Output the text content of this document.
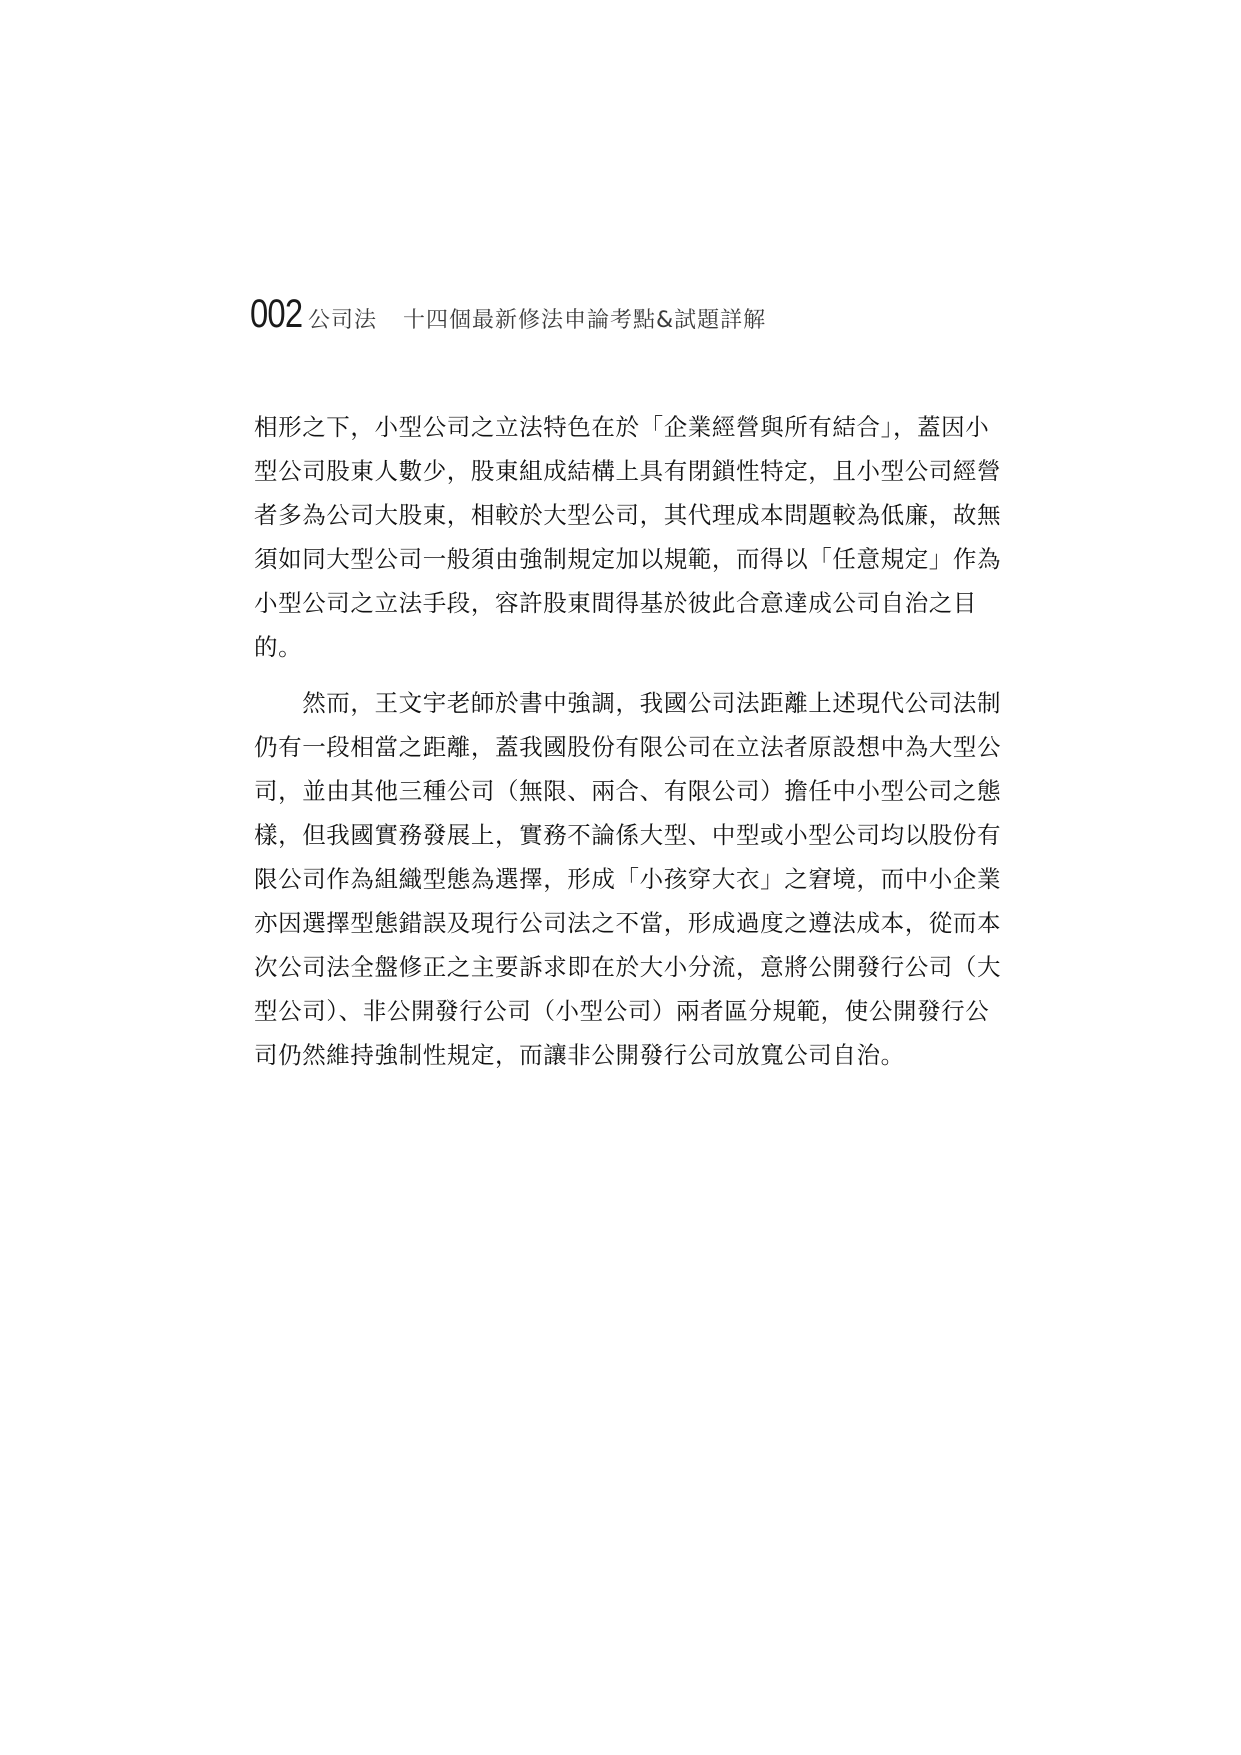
002 公司法 十四個最新修法申論考點&試題詳解
相形之下，小型公司之立法特色在於「企業經營與所有結合」，蓋因小
型公司股東人數少，股東組成結構上具有閉鎖性特定，且小型公司經營
者多為公司大股東，相較於大型公司，其代理成本問題較為低廉，故無
須如同大型公司一般須由強制規定加以規範，而得以「任意規定」作為
小型公司之立法手段，容許股東間得基於彼此合意達成公司自治之目
的。
　　然而，王文宇老師於書中強調，我國公司法距離上述現代公司法制
仍有一段相當之距離，蓋我國股份有限公司在立法者原設想中為大型公
司，並由其他三種公司（無限、兩合、有限公司）擔任中小型公司之態
樣，但我國實務發展上，實務不論係大型、中型或小型公司均以股份有
限公司作為組織型態為選擇，形成「小孩穿大衣」之窘境，而中小企業
亦因選擇型態錯誤及現行公司法之不當，形成過度之遵法成本，從而本
次公司法全盤修正之主要訴求即在於大小分流，意將公開發行公司（大
型公司）、非公開發行公司（小型公司）兩者區分規範，使公開發行公
司仍然維持強制性規定，而讓非公開發行公司放寬公司自治。
